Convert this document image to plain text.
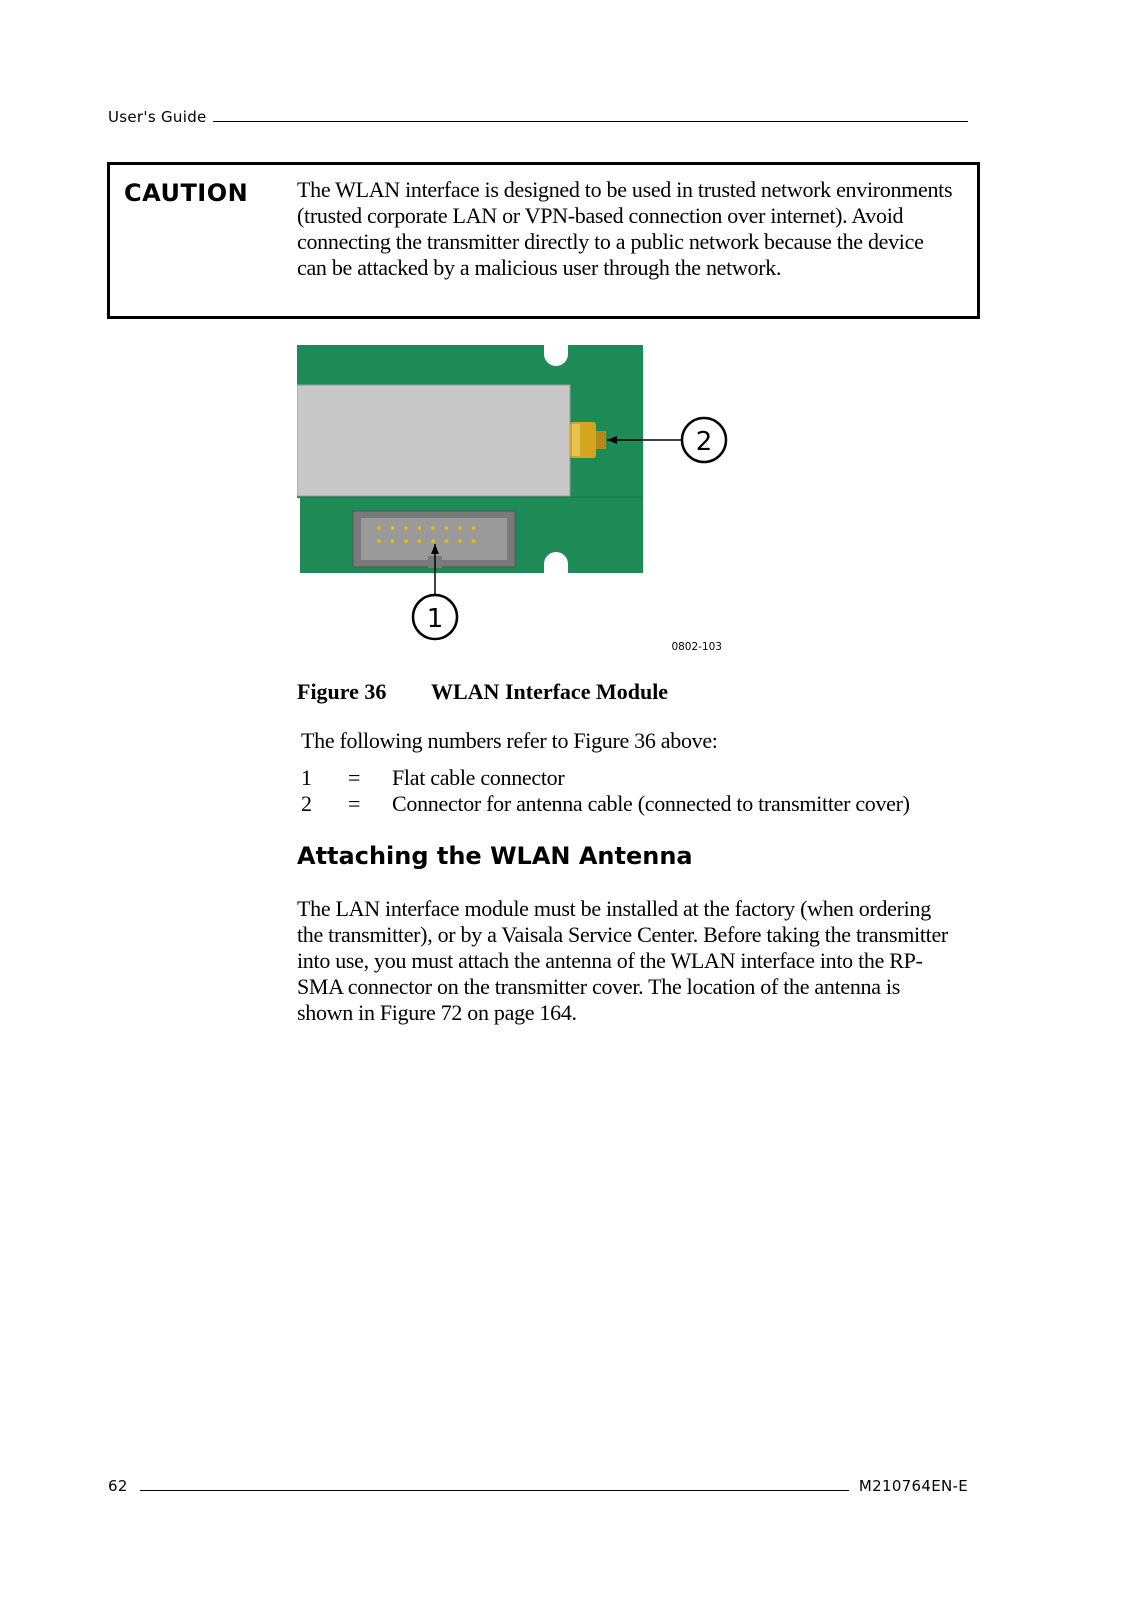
User's Guide
CAUTION The WLAN interface is designed to be used in trusted network environments (trusted corporate LAN or VPN-based connection over internet). Avoid connecting the transmitter directly to a public network because the device can be attacked by a malicious user through the network.
2
1
0802-103
Figure 36 WLAN Interface Module
The following numbers refer to Figure 36 above:
1	=	Flat cable connector
2	=	Connector for antenna cable (connected to transmitter cover)
Attaching the WLAN Antenna
The LAN interface module must be installed at the factory (when ordering the transmitter), or by a Vaisala Service Center. Before taking the transmitter into use, you must attach the antenna of the WLAN interface into the RP-SMA connector on the transmitter cover. The location of the antenna is shown in Figure 72 on page 164.
62	M210764EN-E
